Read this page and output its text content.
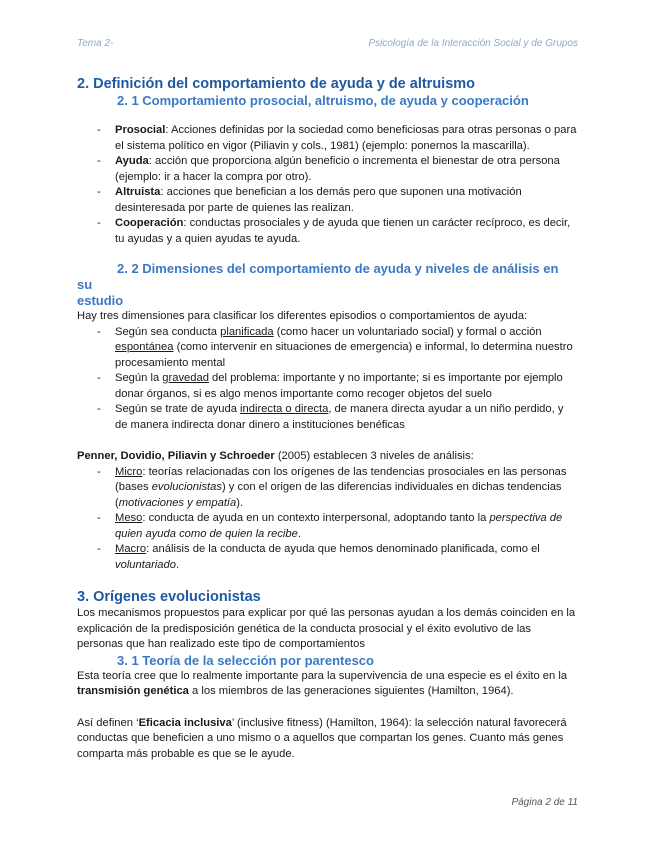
Tema 2-	Psicología de la Interacción Social y de Grupos
2. Definición del comportamiento de ayuda y de altruismo
2. 1 Comportamiento prosocial, altruismo, de ayuda y cooperación
- Prosocial: Acciones definidas por la sociedad como beneficiosas para otras personas o para el sistema político en vigor (Piliavin y cols., 1981) (ejemplo: ponernos la mascarilla).
- Ayuda: acción que proporciona algún beneficio o incrementa el bienestar de otra persona (ejemplo: ir a hacer la compra por otro).
- Altruista: acciones que benefician a los demás pero que suponen una motivación desinteresada por parte de quienes las realizan.
- Cooperación: conductas prosociales y de ayuda que tienen un carácter recíproco, es decir, tu ayudas y a quien ayudas te ayuda.
2. 2 Dimensiones del comportamiento de ayuda y niveles de análisis en su
estudio

Hay tres dimensiones para clasificar los diferentes episodios o comportamientos de ayuda:

- Según sea conducta planificada (como hacer un voluntariado social) y formal o acción espontánea (como intervenir en situaciones de emergencia) e informal, lo determina nuestro procesamiento mental
- Según la gravedad del problema: importante y no importante; si es importante por ejemplo donar órganos, si es algo menos importante como recoger objetos del suelo
- Según se trate de ayuda indirecta o directa, de manera directa ayudar a un niño perdido, y de manera indirecta donar dinero a instituciones benéficas

Penner, Dovidio, Piliavin y Schroeder (2005) establecen 3 niveles de análisis:

- Micro: teorías relacionadas con los orígenes de las tendencias prosociales en las personas (bases evolucionistas) y con el origen de las diferencias individuales en dichas tendencias (motivaciones y empatía).
- Meso: conducta de ayuda en un contexto interpersonal, adoptando tanto la perspectiva de quien ayuda como de quien la recibe.
- Macro: análisis de la conducta de ayuda que hemos denominado planificada, como el voluntariado.
3. Orígenes evolucionistas

Los mecanismos propuestos para explicar por qué las personas ayudan a los demás coinciden en la explicación de la predisposición genética de la conducta prosocial y el éxito evolutivo de las personas que han realizado este tipo de comportamientos

3. 1 Teoría de la selección por parentesco

Esta teoría cree que lo realmente importante para la supervivencia de una especie es el éxito en la transmisión genética a los miembros de las generaciones siguientes (Hamilton, 1964).

Así definen ‘Eficacia inclusiva’ (inclusive fitness) (Hamilton, 1964): la selección natural favorecerá conductas que beneficien a uno mismo o a aquellos que compartan los genes. Cuanto más genes comparta más probable es que se le ayude.

Página 2 de 11
